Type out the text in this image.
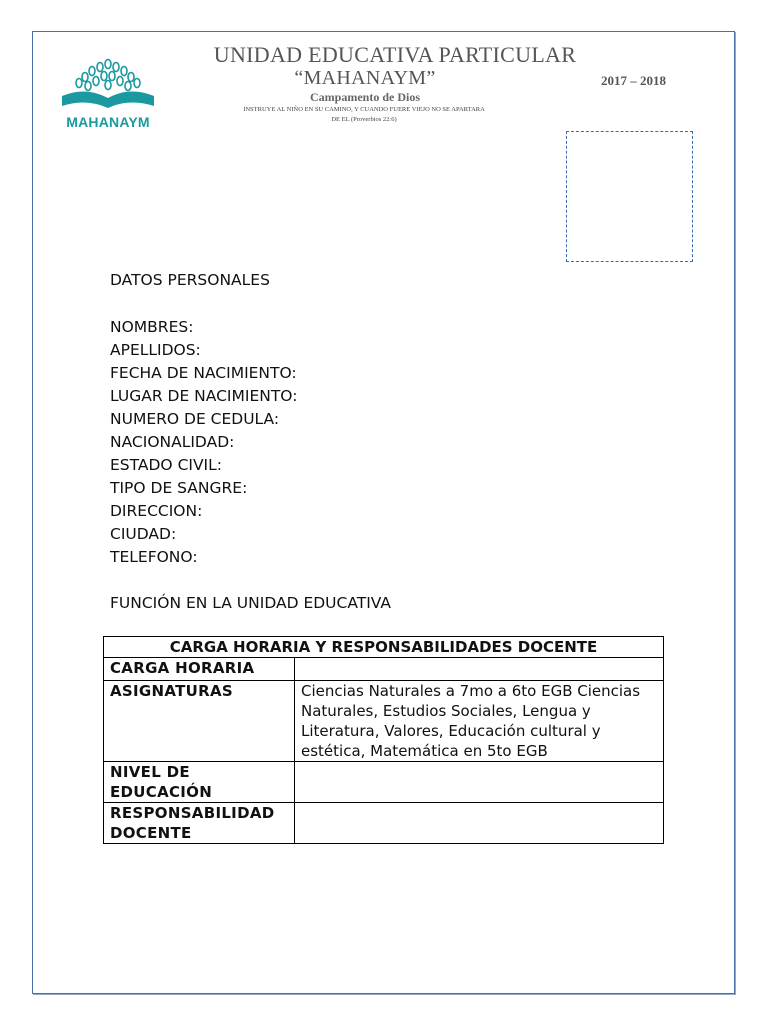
MAHANAYM
UNIDAD EDUCATIVA PARTICULAR
“MAHANAYM”	2017 – 2018
Campamento de Dios
INSTRUYE AL NIÑO EN SU CAMINO, Y CUANDO FUERE VIEJO NO SE APARTARA
DE EL (Proverbios 22:6)
DATOS PERSONALES
NOMBRES:
APELLIDOS:
FECHA DE NACIMIENTO:
LUGAR DE NACIMIENTO:
NUMERO DE CEDULA:
NACIONALIDAD:
ESTADO CIVIL:
TIPO DE SANGRE:
DIRECCION:
CIUDAD:
TELEFONO:
FUNCIÓN EN LA UNIDAD EDUCATIVA
CARGA HORARIA Y RESPONSABILIDADES DOCENTE	
CARGA HORARIA	
ASIGNATURAS	Ciencias Naturales a 7mo a 6to EGB Ciencias Naturales, Estudios Sociales, Lengua y Literatura, Valores, Educación cultural y estética, Matemática en 5to EGB
NIVEL DE EDUCACIÓN	
RESPONSABILIDAD DOCENTE	
